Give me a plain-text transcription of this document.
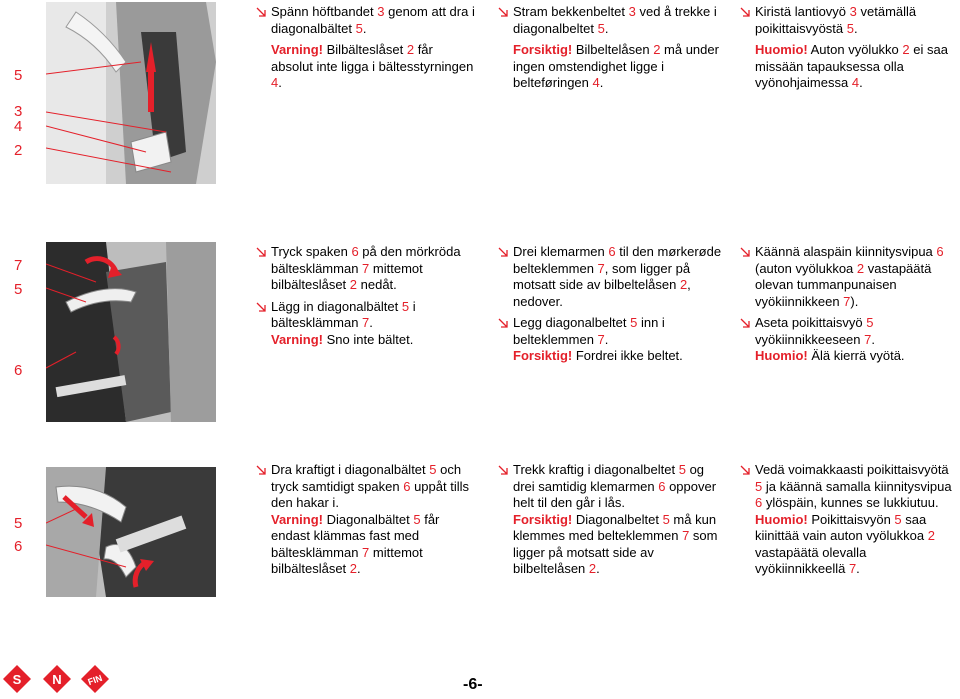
5
3
4
2

Spänn höftbandet 3 genom att dra i diagonalbältet 5.

Varning! Bilbälteslåset 2 får absolut inte ligga i bältesstyrningen 4.

Stram bekkenbeltet 3 ved å trekke i diagonalbeltet 5.

Forsiktig! Bilbeltelåsen 2 må under ingen omstendighet ligge i belteføringen 4.

Kiristä lantiovyö 3 vetämällä poikittaisvyöstä 5.

Huomio! Auton vyölukko 2 ei saa missään tapauksessa olla vyönohjaimessa 4.

7
5
6

Tryck spaken 6 på den mörkröda bältesklämman 7 mittemot bilbälteslåset 2 nedåt.

Lägg in diagonalbältet 5 i bältesklämman 7.
Varning! Sno inte bältet.

Drei klemarmen 6 til den mørkerøde belteklemmen 7, som ligger på motsatt side av bilbeltelåsen 2, nedover.

Legg diagonalbeltet 5 inn i belteklemmen 7.
Forsiktig! Fordrei ikke beltet.

Käännä alaspäin kiinnitysvipua 6 (auton vyölukkoa 2 vastapäätä olevan tummanpunaisen vyökiinnikkeen 7).

Aseta poikittaisvyö 5 vyökiinnikkeeseen 7.
Huomio! Älä kierrä vyötä.

5
6

Dra kraftigt i diagonalbältet 5 och tryck samtidigt spaken 6 uppåt tills den hakar i.
Varning! Diagonalbältet 5 får endast klämmas fast med bältesklämman 7 mittemot bilbälteslåset 2.

Trekk kraftig i diagonalbeltet 5 og drei samtidig klemarmen 6 oppover helt til den går i lås.
Forsiktig! Diagonalbeltet 5 må kun klemmes med belteklemmen 7 som ligger på motsatt side av bilbeltelåsen 2.

Vedä voimakkaasti poikittaisvyötä 5 ja käännä samalla kiinnitysvipua 6 ylöspäin, kunnes se lukkiutuu.
Huomio! Poikittaisvyön 5 saa kiinittää vain auton vyölukkoa 2 vastapäätä olevalla vyökiinnikkeellä 7.

S N	FIN	-6-
